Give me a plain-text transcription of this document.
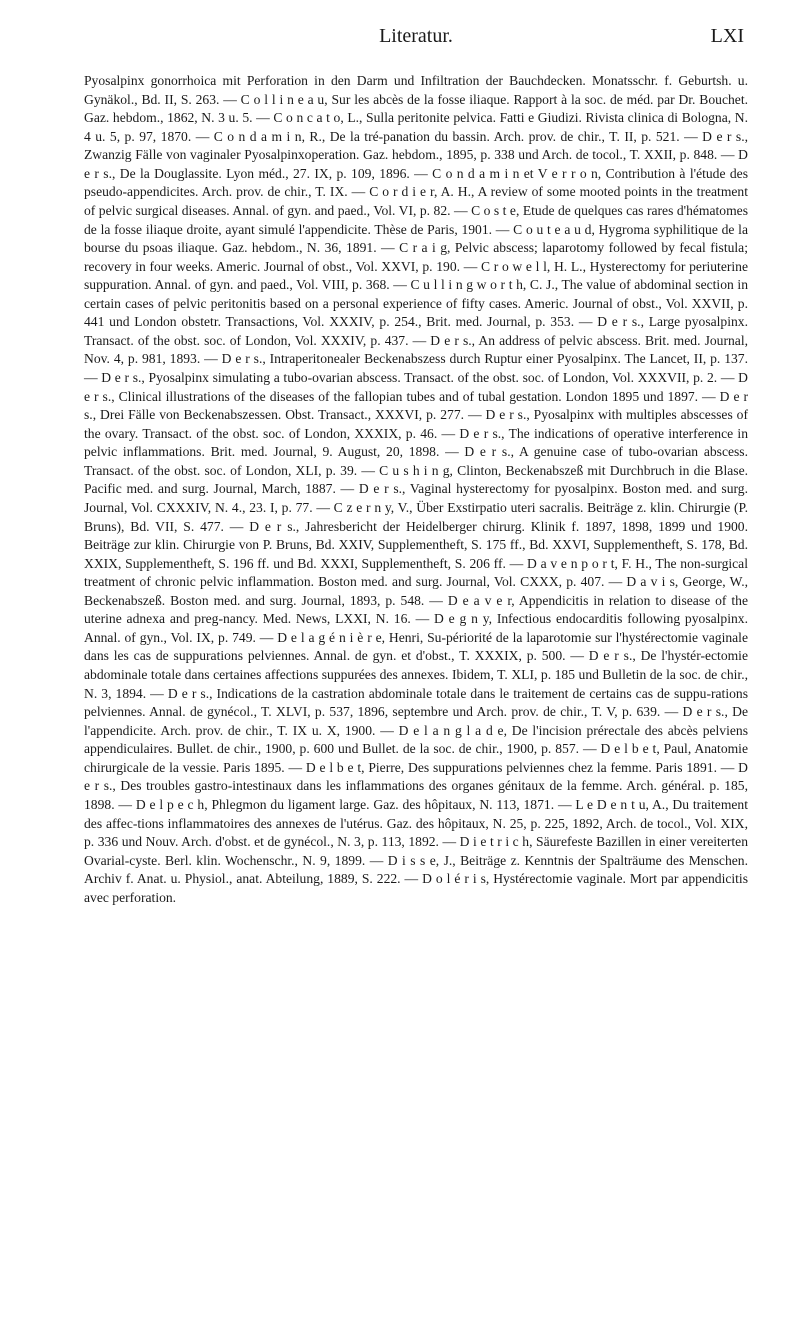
Literatur.	LXI

Pyosalpinx gonorrhoica mit Perforation in den Darm und Infiltration der Bauchdecken. Monatsschr. f. Geburtsh. u. Gynäkol., Bd. II, S. 263. — C o l l i n e a u, Sur les abcès de la fosse iliaque. Rapport à la soc. de méd. par Dr. Bouchet. Gaz. hebdom., 1862, N. 3 u. 5. — C o n c a t o, L., Sulla peritonite pelvica. Fatti e Giudizi. Rivista clinica di Bologna, N. 4 u. 5, p. 97, 1870. — C o n d a m i n, R., De la tré-panation du bassin. Arch. prov. de chir., T. II, p. 521. — D e r s., Zwanzig Fälle von vaginaler Pyosalpinxoperation. Gaz. hebdom., 1895, p. 338 und Arch. de tocol., T. XXII, p. 848. — D e r s., De la Douglassite. Lyon méd., 27. IX, p. 109, 1896. — C o n d a m i n et V e r r o n, Contribution à l'étude des pseudo-appendicites. Arch. prov. de chir., T. IX. — C o r d i e r, A. H., A review of some mooted points in the treatment of pelvic surgical diseases. Annal. of gyn. and paed., Vol. VI, p. 82. — C o s t e, Etude de quelques cas rares d'hématomes de la fosse iliaque droite, ayant simulé l'appendicite. Thèse de Paris, 1901. — C o u t e a u d, Hygroma syphilitique de la bourse du psoas iliaque. Gaz. hebdom., N. 36, 1891. — C r a i g, Pelvic abscess; laparotomy followed by fecal fistula; recovery in four weeks. Americ. Journal of obst., Vol. XXVI, p. 190. — C r o w e l l, H. L., Hysterectomy for periuterine suppuration. Annal. of gyn. and paed., Vol. VIII, p. 368. — C u l l i n g w o r t h, C. J., The value of abdominal section in certain cases of pelvic peritonitis based on a personal experience of fifty cases. Americ. Journal of obst., Vol. XXVII, p. 441 und London obstetr. Transactions, Vol. XXXIV, p. 254., Brit. med. Journal, p. 353. — D e r s., Large pyosalpinx. Transact. of the obst. soc. of London, Vol. XXXIV, p. 437. — D e r s., An address of pelvic abscess. Brit. med. Journal, Nov. 4, p. 981, 1893. — D e r s., Intraperitonealer Beckenabszess durch Ruptur einer Pyosalpinx. The Lancet, II, p. 137. — D e r s., Pyosalpinx simulating a tubo-ovarian abscess. Transact. of the obst. soc. of London, Vol. XXXVII, p. 2. — D e r s., Clinical illustrations of the diseases of the fallopian tubes and of tubal gestation. London 1895 und 1897. — D e r s., Drei Fälle von Beckenabszessen. Obst. Transact., XXXVI, p. 277. — D e r s., Pyosalpinx with multiples abscesses of the ovary. Transact. of the obst. soc. of London, XXXIX, p. 46. — D e r s., The indications of operative interference in pelvic inflammations. Brit. med. Journal, 9. August, 20, 1898. — D e r s., A genuine case of tubo-ovarian abscess. Transact. of the obst. soc. of London, XLI, p. 39. — C u s h i n g, Clinton, Beckenabszeß mit Durchbruch in die Blase. Pacific med. and surg. Journal, March, 1887. — D e r s., Vaginal hysterectomy for pyosalpinx. Boston med. and surg. Journal, Vol. CXXXIV, N. 4., 23. I, p. 77. — C z e r n y, V., Über Exstirpatio uteri sacralis. Beiträge z. klin. Chirurgie (P. Bruns), Bd. VII, S. 477. — D e r s., Jahresbericht der Heidelberger chirurg. Klinik f. 1897, 1898, 1899 und 1900. Beiträge zur klin. Chirurgie von P. Bruns, Bd. XXIV, Supplementheft, S. 175 ff., Bd. XXVI, Supplementheft, S. 178, Bd. XXIX, Supplementheft, S. 196 ff. und Bd. XXXI, Supplementheft, S. 206 ff. — D a v e n p o r t, F. H., The non-surgical treatment of chronic pelvic inflammation. Boston med. and surg. Journal, Vol. CXXX, p. 407. — D a v i s, George, W., Beckenabszeß. Boston med. and surg. Journal, 1893, p. 548. — D e a v e r, Appendicitis in relation to disease of the uterine adnexa and preg-nancy. Med. News, LXXI, N. 16. — D e g n y, Infectious endocarditis following pyosalpinx. Annal. of gyn., Vol. IX, p. 749. — D e l a g é n i è r e, Henri, Su-périorité de la laparotomie sur l'hystérectomie vaginale dans les cas de suppurations pelviennes. Annal. de gyn. et d'obst., T. XXXIX, p. 500. — D e r s., De l'hystér-ectomie abdominale totale dans certaines affections suppurées des annexes. Ibidem, T. XLI, p. 185 und Bulletin de la soc. de chir., N. 3, 1894. — D e r s., Indications de la castration abdominale totale dans le traitement de certains cas de suppu-rations pelviennes. Annal. de gynécol., T. XLVI, p. 537, 1896, septembre und Arch. prov. de chir., T. V, p. 639. — D e r s., De l'appendicite. Arch. prov. de chir., T. IX u. X, 1900. — D e l a n g l a d e, De l'incision prérectale des abcès pelviens appendiculaires. Bullet. de chir., 1900, p. 600 und Bullet. de la soc. de chir., 1900, p. 857. — D e l b e t, Paul, Anatomie chirurgicale de la vessie. Paris 1895. — D e l b e t, Pierre, Des suppurations pelviennes chez la femme. Paris 1891. — D e r s., Des troubles gastro-intestinaux dans les inflammations des organes génitaux de la femme. Arch. général. p. 185, 1898. — D e l p e c h, Phlegmon du ligament large. Gaz. des hôpitaux, N. 113, 1871. — L e D e n t u, A., Du traitement des affec-tions inflammatoires des annexes de l'utérus. Gaz. des hôpitaux, N. 25, p. 225, 1892, Arch. de tocol., Vol. XIX, p. 336 und Nouv. Arch. d'obst. et de gynécol., N. 3, p. 113, 1892. — D i e t r i c h, Säurefeste Bazillen in einer vereiterten Ovarial-cyste. Berl. klin. Wochenschr., N. 9, 1899. — D i s s e, J., Beiträge z. Kenntnis der Spalträume des Menschen. Archiv f. Anat. u. Physiol., anat. Abteilung, 1889, S. 222. — D o l é r i s, Hystérectomie vaginale. Mort par appendicitis avec perforation.
